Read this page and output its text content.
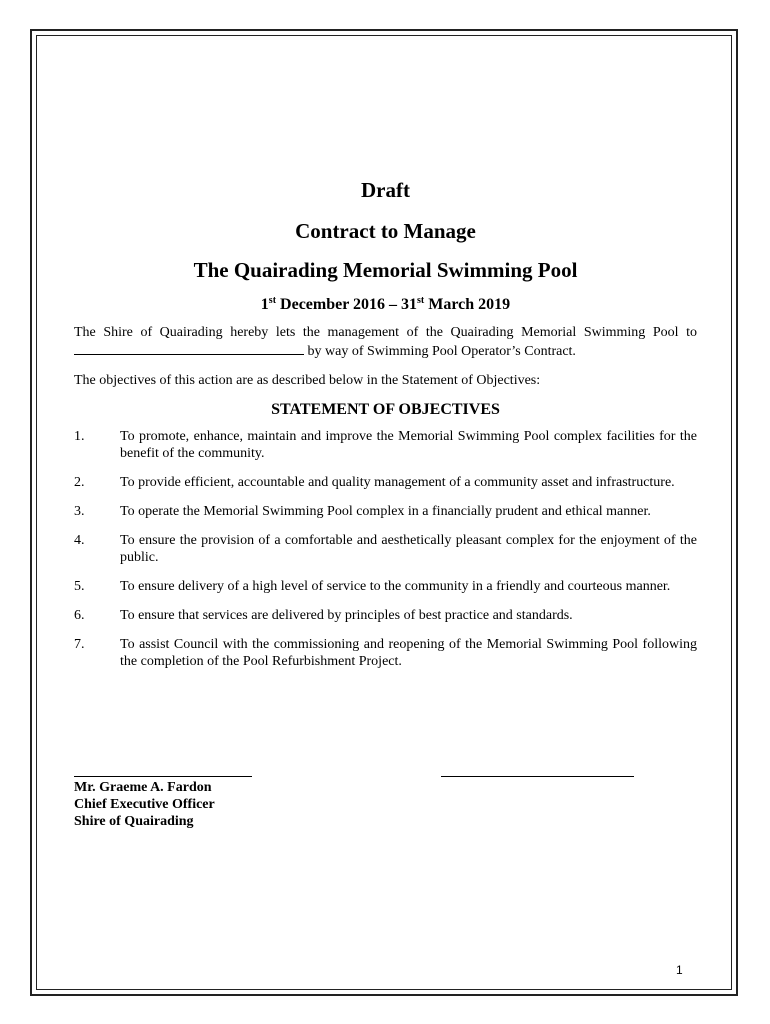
Draft
Contract to Manage
The Quairading Memorial Swimming Pool
1st December 2016 – 31st March 2019
The Shire of Quairading hereby lets the management of the Quairading Memorial Swimming Pool to  by way of Swimming Pool Operator’s Contract.
The objectives of this action are as described below in the Statement of Objectives:
STATEMENT OF OBJECTIVES
1.	To promote, enhance, maintain and improve the Memorial Swimming Pool complex facilities for the benefit of the community.
2.	To provide efficient, accountable and quality management of a community asset and infrastructure.
3.	To operate the Memorial Swimming Pool complex in a financially prudent and ethical manner.
4.	To ensure the provision of a comfortable and aesthetically pleasant complex for the enjoyment of the public.
5.	To ensure delivery of a high level of service to the community in a friendly and courteous manner.
6.	To ensure that services are delivered by principles of best practice and standards.
7.	To assist Council with the commissioning and reopening of the Memorial Swimming Pool following the completion of the Pool Refurbishment Project.
Mr. Graeme A. Fardon
Chief Executive Officer
Shire of Quairading
1
